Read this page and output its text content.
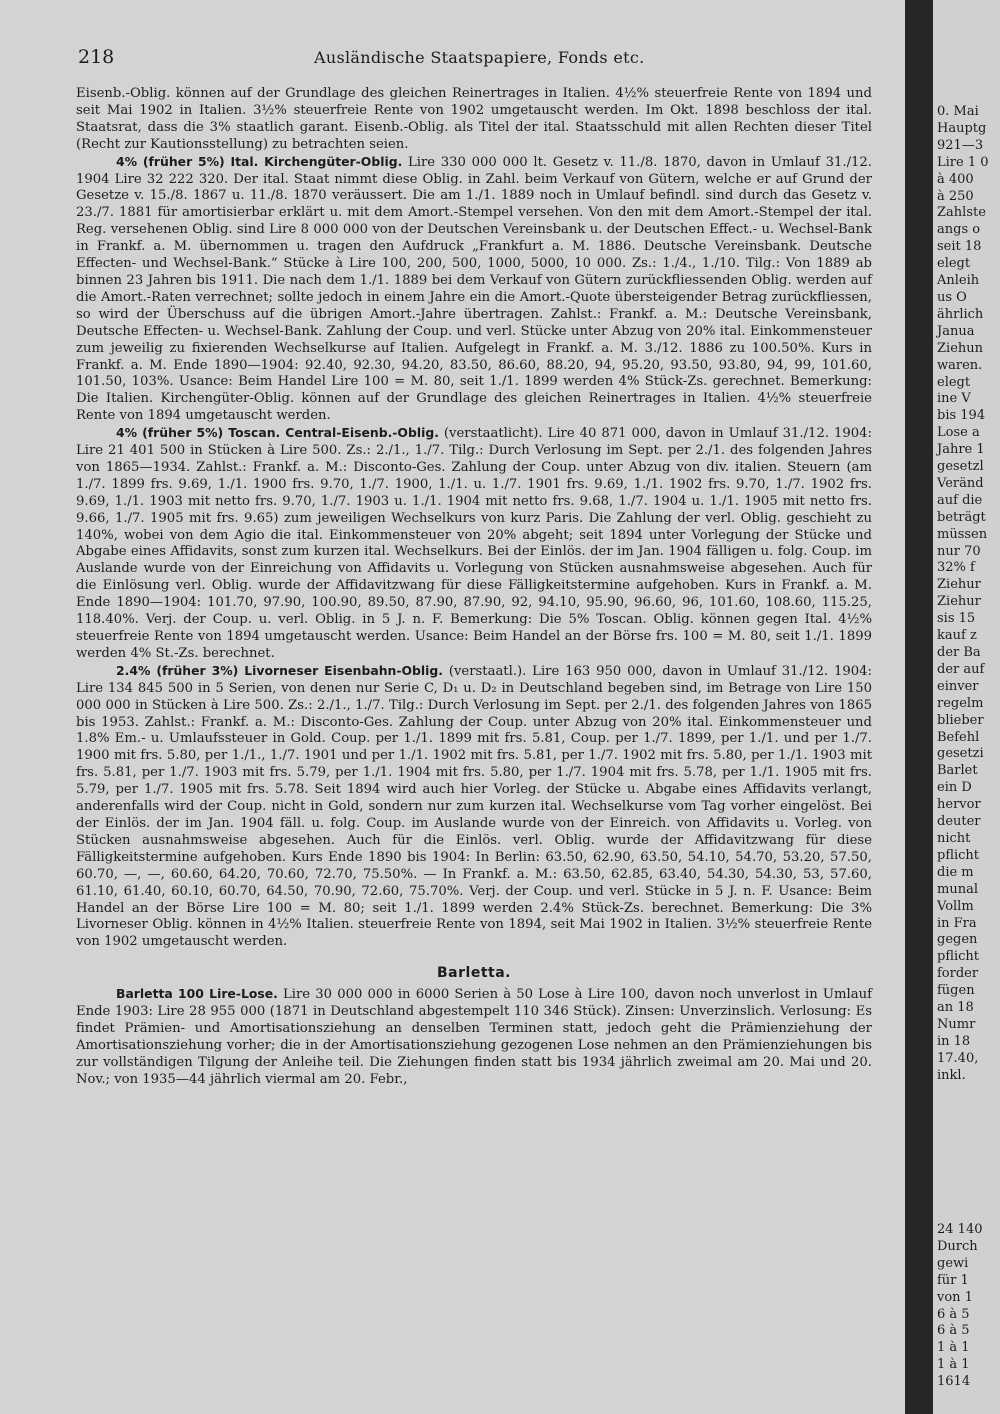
218	Ausländische Staatspapiere, Fonds etc.

Eisenb.-Oblig. können auf der Grundlage des gleichen Reinertrages in Italien. 4½% steuerfreie Rente von 1894 und seit Mai 1902 in Italien. 3½% steuerfreie Rente von 1902 umgetauscht werden. Im Okt. 1898 beschloss der ital. Staatsrat, dass die 3% staatlich garant. Eisenb.-Oblig. als Titel der ital. Staatsschuld mit allen Rechten dieser Titel (Recht zur Kautionsstellung) zu betrachten seien.

4% (früher 5%) Ital. Kirchengüter-Oblig. Lire 330 000 000 lt. Gesetz v. 11./8. 1870, davon in Umlauf 31./12. 1904 Lire 32 222 320. Der ital. Staat nimmt diese Oblig. in Zahl. beim Verkauf von Gütern, welche er auf Grund der Gesetze v. 15./8. 1867 u. 11./8. 1870 veräussert. Die am 1./1. 1889 noch in Umlauf befindl. sind durch das Gesetz v. 23./7. 1881 für amortisierbar erklärt u. mit dem Amort.-Stempel versehen. Von den mit dem Amort.-Stempel der ital. Reg. versehenen Oblig. sind Lire 8 000 000 von der Deutschen Vereinsbank u. der Deutschen Effect.- u. Wechsel-Bank in Frankf. a. M. übernommen u. tragen den Aufdruck „Frankfurt a. M. 1886. Deutsche Vereinsbank. Deutsche Effecten- und Wechsel-Bank.“ Stücke à Lire 100, 200, 500, 1000, 5000, 10 000. Zs.: 1./4., 1./10. Tilg.: Von 1889 ab binnen 23 Jahren bis 1911. Die nach dem 1./1. 1889 bei dem Verkauf von Gütern zurückfliessenden Oblig. werden auf die Amort.-Raten verrechnet; sollte jedoch in einem Jahre ein die Amort.-Quote übersteigender Betrag zurückfliessen, so wird der Überschuss auf die übrigen Amort.-Jahre übertragen. Zahlst.: Frankf. a. M.: Deutsche Vereinsbank, Deutsche Effecten- u. Wechsel-Bank. Zahlung der Coup. und verl. Stücke unter Abzug von 20% ital. Einkommensteuer zum jeweilig zu fixierenden Wechselkurse auf Italien. Aufgelegt in Frankf. a. M. 3./12. 1886 zu 100.50%. Kurs in Frankf. a. M. Ende 1890—1904: 92.40, 92.30, 94.20, 83.50, 86.60, 88.20, 94, 95.20, 93.50, 93.80, 94, 99, 101.60, 101.50, 103%. Usance: Beim Handel Lire 100 = M. 80, seit 1./1. 1899 werden 4% Stück-Zs. gerechnet. Bemerkung: Die Italien. Kirchengüter-Oblig. können auf der Grundlage des gleichen Reinertrages in Italien. 4½% steuerfreie Rente von 1894 umgetauscht werden.

4% (früher 5%) Toscan. Central-Eisenb.-Oblig. (verstaatlicht). Lire 40 871 000, davon in Umlauf 31./12. 1904: Lire 21 401 500 in Stücken à Lire 500. Zs.: 2./1., 1./7. Tilg.: Durch Verlosung im Sept. per 2./1. des folgenden Jahres von 1865—1934. Zahlst.: Frankf. a. M.: Disconto-Ges. Zahlung der Coup. unter Abzug von div. italien. Steuern (am 1./7. 1899 frs. 9.69, 1./1. 1900 frs. 9.70, 1./7. 1900, 1./1. u. 1./7. 1901 frs. 9.69, 1./1. 1902 frs. 9.70, 1./7. 1902 frs. 9.69, 1./1. 1903 mit netto frs. 9.70, 1./7. 1903 u. 1./1. 1904 mit netto frs. 9.68, 1./7. 1904 u. 1./1. 1905 mit netto frs. 9.66, 1./7. 1905 mit frs. 9.65) zum jeweiligen Wechselkurs von kurz Paris. Die Zahlung der verl. Oblig. geschieht zu 140%, wobei von dem Agio die ital. Einkommensteuer von 20% abgeht; seit 1894 unter Vorlegung der Stücke und Abgabe eines Affidavits, sonst zum kurzen ital. Wechselkurs. Bei der Einlös. der im Jan. 1904 fälligen u. folg. Coup. im Auslande wurde von der Einreichung von Affidavits u. Vorlegung von Stücken ausnahmsweise abgesehen. Auch für die Einlösung verl. Oblig. wurde der Affidavitzwang für diese Fälligkeitstermine aufgehoben. Kurs in Frankf. a. M. Ende 1890—1904: 101.70, 97.90, 100.90, 89.50, 87.90, 87.90, 92, 94.10, 95.90, 96.60, 96, 101.60, 108.60, 115.25, 118.40%. Verj. der Coup. u. verl. Oblig. in 5 J. n. F. Bemerkung: Die 5% Toscan. Oblig. können gegen Ital. 4½% steuerfreie Rente von 1894 umgetauscht werden. Usance: Beim Handel an der Börse frs. 100 = M. 80, seit 1./1. 1899 werden 4% St.-Zs. berechnet.

2.4% (früher 3%) Livorneser Eisenbahn-Oblig. (verstaatl.). Lire 163 950 000, davon in Umlauf 31./12. 1904: Lire 134 845 500 in 5 Serien, von denen nur Serie C, D₁ u. D₂ in Deutschland begeben sind, im Betrage von Lire 150 000 000 in Stücken à Lire 500. Zs.: 2./1., 1./7. Tilg.: Durch Verlosung im Sept. per 2./1. des folgenden Jahres von 1865 bis 1953. Zahlst.: Frankf. a. M.: Disconto-Ges. Zahlung der Coup. unter Abzug von 20% ital. Einkommensteuer und 1.8% Em.- u. Umlaufssteuer in Gold. Coup. per 1./1. 1899 mit frs. 5.81, Coup. per 1./7. 1899, per 1./1. und per 1./7. 1900 mit frs. 5.80, per 1./1., 1./7. 1901 und per 1./1. 1902 mit frs. 5.81, per 1./7. 1902 mit frs. 5.80, per 1./1. 1903 mit frs. 5.81, per 1./7. 1903 mit frs. 5.79, per 1./1. 1904 mit frs. 5.80, per 1./7. 1904 mit frs. 5.78, per 1./1. 1905 mit frs. 5.79, per 1./7. 1905 mit frs. 5.78. Seit 1894 wird auch hier Vorleg. der Stücke u. Abgabe eines Affidavits verlangt, anderenfalls wird der Coup. nicht in Gold, sondern nur zum kurzen ital. Wechselkurse vom Tag vorher eingelöst. Bei der Einlös. der im Jan. 1904 fäll. u. folg. Coup. im Auslande wurde von der Einreich. von Affidavits u. Vorleg. von Stücken ausnahmsweise abgesehen. Auch für die Einlös. verl. Oblig. wurde der Affidavitzwang für diese Fälligkeitstermine aufgehoben. Kurs Ende 1890 bis 1904: In Berlin: 63.50, 62.90, 63.50, 54.10, 54.70, 53.20, 57.50, 60.70, —, —, 60.60, 64.20, 70.60, 72.70, 75.50%. — In Frankf. a. M.: 63.50, 62.85, 63.40, 54.30, 54.30, 53, 57.60, 61.10, 61.40, 60.10, 60.70, 64.50, 70.90, 72.60, 75.70%. Verj. der Coup. und verl. Stücke in 5 J. n. F. Usance: Beim Handel an der Börse Lire 100 = M. 80; seit 1./1. 1899 werden 2.4% Stück-Zs. berechnet. Bemerkung: Die 3% Livorneser Oblig. können in 4½% Italien. steuerfreie Rente von 1894, seit Mai 1902 in Italien. 3½% steuerfreie Rente von 1902 umgetauscht werden.

Barletta.

Barletta 100 Lire-Lose. Lire 30 000 000 in 6000 Serien à 50 Lose à Lire 100, davon noch unverlost in Umlauf Ende 1903: Lire 28 955 000 (1871 in Deutschland abgestempelt 110 346 Stück). Zinsen: Unverzinslich. Verlosung: Es findet Prämien- und Amortisationsziehung an denselben Terminen statt, jedoch geht die Prämienziehung der Amortisationsziehung vorher; die in der Amortisationsziehung gezogenen Lose nehmen an den Prämienziehungen bis zur vollständigen Tilgung der Anleihe teil. Die Ziehungen finden statt bis 1934 jährlich zweimal am 20. Mai und 20. Nov.; von 1935—44 jährlich viermal am 20. Febr.,

0. Mai
Hauptg
921—3
Lire 1 0
à 400
à 250
Zahlste
angs o
seit 18
elegt
Anleih
us O
ährlich
Janua
Ziehun
waren.
elegt
ine V
bis 194
Lose a
Jahre 1
gesetzl
Veränd
auf die
beträgt
müssen
nur 70
32% f
Ziehur
Ziehur
sis 15
kauf z
der Ba
der auf
einver
regelm
blieber
Befehl
gesetzi
Barlet
ein D
hervor
deuter
nicht
pflicht
die m
munal
Vollm
in Fra
gegen
pflicht
forder
fügen
an 18
Numr
in 18
17.40,
inkl.
24 140
Durch
gewi
für 1
von 1
6 à 5
6 à 5
1 à 1
1 à 1
1614
